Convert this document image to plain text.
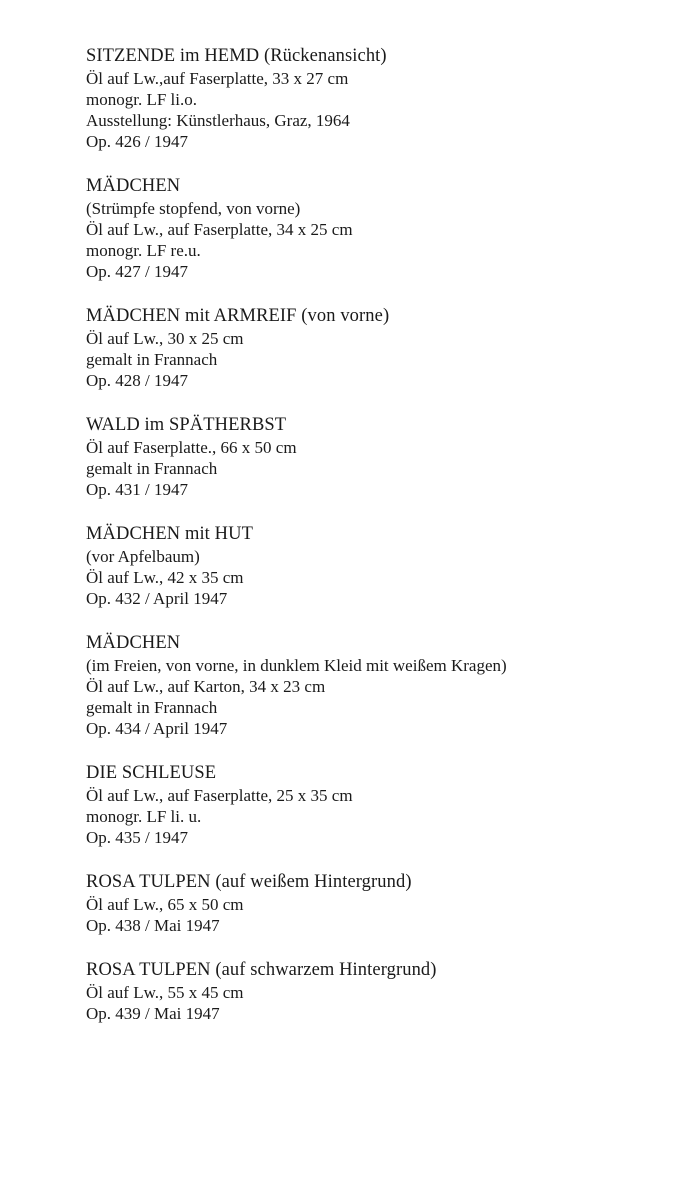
SITZENDE im HEMD (Rückenansicht)
Öl auf Lw.,auf Faserplatte, 33 x 27 cm
monogr. LF li.o.
Ausstellung: Künstlerhaus, Graz, 1964
Op. 426 / 1947
MÄDCHEN
(Strümpfe stopfend, von vorne)
Öl auf Lw., auf Faserplatte, 34 x 25 cm
monogr. LF re.u.
Op. 427 / 1947
MÄDCHEN mit ARMREIF (von vorne)
Öl auf Lw., 30 x 25 cm
gemalt in Frannach
Op. 428 / 1947
WALD im SPÄTHERBST
Öl auf Faserplatte., 66 x 50 cm
gemalt in Frannach
Op. 431 / 1947
MÄDCHEN mit HUT
(vor Apfelbaum)
Öl auf Lw., 42 x 35 cm
Op. 432 / April 1947
MÄDCHEN
(im Freien, von vorne, in dunklem Kleid mit weißem Kragen)
Öl auf Lw., auf Karton, 34 x 23 cm
gemalt in Frannach
Op. 434 / April 1947
DIE SCHLEUSE
Öl auf Lw., auf Faserplatte, 25 x 35 cm
monogr. LF li. u.
Op. 435 / 1947
ROSA TULPEN (auf weißem Hintergrund)
Öl auf Lw., 65 x 50 cm
Op. 438 / Mai 1947
ROSA TULPEN (auf schwarzem Hintergrund)
Öl auf Lw., 55 x 45 cm
Op. 439 / Mai 1947
